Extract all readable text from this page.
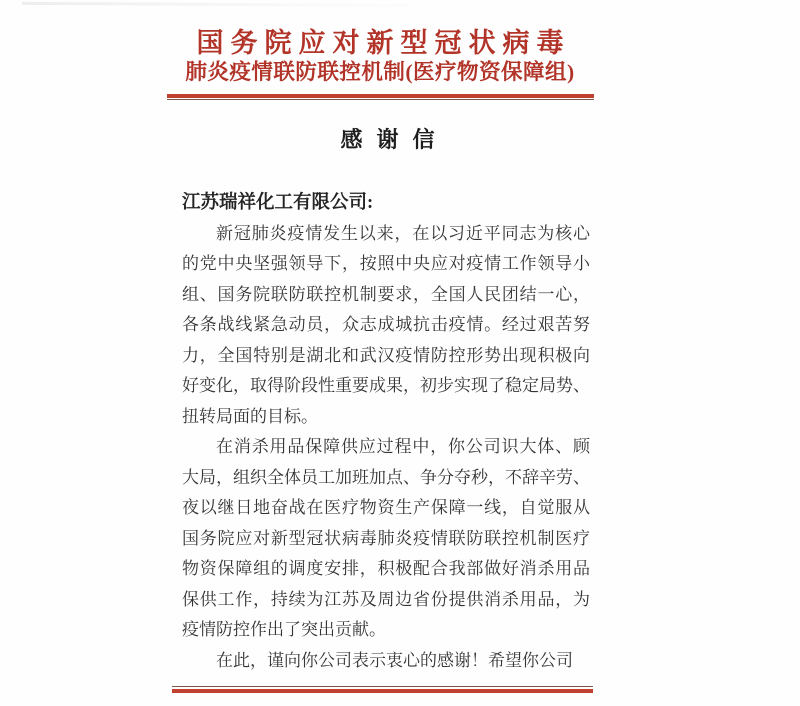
国务院应对新型冠状病毒
肺炎疫情联防联控机制(医疗物资保障组)
感谢信
江苏瑞祥化工有限公司:
新冠肺炎疫情发生以来，在以习近平同志为核心
的党中央坚强领导下，按照中央应对疫情工作领导小
组、国务院联防联控机制要求，全国人民团结一心，
各条战线紧急动员，众志成城抗击疫情。经过艰苦努
力，全国特别是湖北和武汉疫情防控形势出现积极向
好变化，取得阶段性重要成果，初步实现了稳定局势、
扭转局面的目标。
在消杀用品保障供应过程中，你公司识大体、顾
大局，组织全体员工加班加点、争分夺秒，不辞辛劳、
夜以继日地奋战在医疗物资生产保障一线，自觉服从
国务院应对新型冠状病毒肺炎疫情联防联控机制医疗
物资保障组的调度安排，积极配合我部做好消杀用品
保供工作，持续为江苏及周边省份提供消杀用品，为
疫情防控作出了突出贡献。
在此，谨向你公司表示衷心的感谢！希望你公司
